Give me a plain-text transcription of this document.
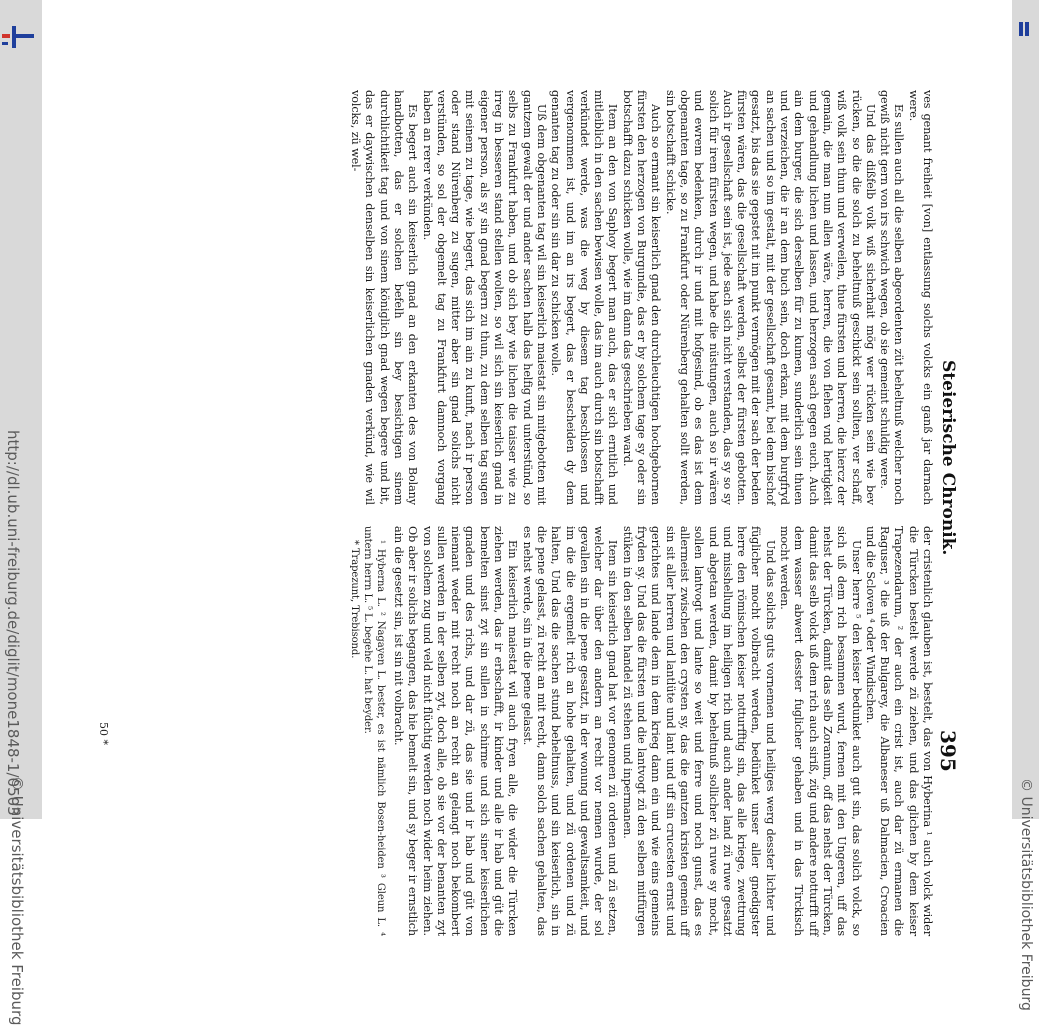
http://dl.ub.uni-freiburg.de/diglit/mone1848-1/0503
© Universitätsbibliothek Freiburg	© Universitätsbibliothek Freiburg
Steierische Chronik.
395

ves genant freiheit [von] entlassung solchs volcks ein ganß jar darnach were.

Es sullen auch all die selben abgeordenten züt beheltnuß welcher noch gewiß nicht gern von irs schwich wegen, ob sie gemeint schuldig were.

Und das dißfelb volk wiß sicherhait mög wer rücken sein wie bev rücken, so die die solch zu beheltnuß geschickt sein sollten, ver schaff, wiß volk sein thun und verweilen, thue fürsten und herren, die hiercz der gemain, die man nun allen wäre, herren, die von flehen vnd hertigkeit und gehandlung lichen und lassen, und herzogen sach gegen euch. Auch ain dem burger, die sich derselben für zu kumen, sunderlich sein thuen und verzeichen, die ir an dem buch sein, doch erkan, mit dem burgfryd an sachen und so im gestalt, mit der gesellschaft gesamt, bei dem bischof gesatzt, bis das sie gepstet nit im punkt vermögen mit der sach der beden fürsten wären, das die gesellschaft werden, selbst der fürsten gebotten. Auch ir gesellschaft sein ist, jede sach sich nicht verstanden, das sy so sy solich für irem fürsten wegen, und habe die nüstungen, auch so ir wären und ewrem bedenken, durch ir und mit hofgesind, ob es das ist dem obgenanten tage, so zu Frankfurt oder Nürenberg gehalten sollt werden, sin botschafft schicke.

Auch so ermant sin keiserlich gnad den durchleuchtigen hochgebornen fürsten den herzogen von Burgundie, das er by solchem tage sy oder sin botschafft dazu schicken wolle, wie im dann das geschrieben ward.

Item an den von Saphoy begert man auch, das er sich erntlich und mitleiblich in den sachen bewisen wolle, das im auch durch sin botschafft verkündet werde, was die weg by diesem tag beschlossen und vergenommen ist, und im an irs begert, das er bescheiden dy dem genanten tag zu oder sin sin dar zu schicken wolle.

Uß dem obgenanten tag wil sin keiserlich maiestat sin mitgebotten mit gantzem gewalt der und ander sachen halb das helfig vnd unterstünd, so selbs zu Frankfurt haben, und ob sich bey wie lichen die taisser wie zu irreg in besseren stand stellen wolten, so wil sich sin keiserlich gnad in eigener person, als sy sin gnad begern zu thun, zu dem selben tag sugen mit seinem zu tage, wie begert, das sich im ain zu kunft, nach ir person oder stand Nürenberg zu sugen, mitter aber sin gnad solichs nicht verstünden, so sol der obgemelt tag zu Frankfurt damnoch vorgang haben an rerer verkünden.

Es begert auch sin keiserlich gnad an den erkanten des von Bolany handbotten, das er solchen befelh sin bey besichtigen sinem durchlichtikeit tag und von sinem königlich gnad wegen begere und bit, das er daywischen denselben sin keiserlichen gnaden verkünd, wie wil volcks, zü wel-

der cristenlich glauben ist, bestelt, das von Hyberina ¹ auch volck wider die Türcken bestelt werde zü ziehen, und das glichen by dem keiser Trapezendarum, ² der auch ein crist ist, auch dar zü ermanen die Raguser, ³ die uß der Bulgarey, die Albaneser uß Dalmacien, Croacien und die Scloven ⁴ oder Windischen.

Unser herre ⁵ den keiser bedunket auch gut sin, das solich volck, so sich uß dem rich besammen wurd, fernen mit den Ungeren, uff das nehst der Türcken, damit das selb Zoranum, off das nehst der Türcken, damit das selb volck uß dem rich auch siriß, züg und andere notturfft uff dem wasser abwert desster fuglicher gehaben und in das Tirckisch mocht werden.

Und das solichs guts vornemen und heiliges werg desster lichter und füglicher mocht volbracht werden, bedünket unser aller gnedigster herre den römischen keiser notturfftig sin, das alle kriege, zwettrung und misshellung im heiligen rich und auch ander land zü ruwe gesatzt und abgetan werden, damit by beheltnuß sollicher zü ruwe sy mocht, sollen lantvogt und lante so weit und ferre und noch gunst, das es allermeist zwischen den crysten sy, das die gantzen kristen gemein uff sin sit aller herren und lantlüte und lant und uff sin crucesten ernst und gerichtes und lande dem in dem krieg dann ein und wie eins gemeins fryden sy. Und das die fürsten und die lantvogt zü den selben mitfürgen stüken in den selben handel zü stehen und inpermanen.

Item sin keiserlich gnad hat vor genomen zü ordenen und zü setzen, welcher dar über den andern an recht vor nemen wurde, der sol gevallen sin in die pene gesatzt, in der wonung und gewaltsamkeit, und im die die ergemelt rich an hohe gehalten, und zü ordenen und zü halten, Und das die sachen stund beheltnuss, und sin keiserlich, sin in die pene gelasst, zü recht an mit recht, dann solch sachen gehalten, das es nehst werde, sin in die pene gelasst.

Ein keiserlich maiestat wil auch fryen alle, die wider die Türcken ziehen werden, das ir erbschafft, ir kinder und alle ir hab und güt die bemelten sinst zyt sin sullen in schirme und sich siner keiserlichen gnaden und des richs, und dar zü, das sie und ir hab und güt von niemant weder mit recht noch an recht an gelangt noch bekombert sullen werden in der selben zyt, doch alle, ob sie vor der benanten zyt von solchem zug und veld nicht flüchtig werden noch wider heim ziehen. Ob aber ir solichs begangen, das hie bemelt sin, und sy beger ir ernstlich ain die gesetzt sin, ist sin nit volbracht.

¹ Hyberna L. ² Nagayen L. bester, es ist nämlich Bosen-heiden ³ Gleun L. ⁴ untern herrn L. ⁵ L. begehe L. hat beyder.

* Trapezunt, Trebisond.

50 *
